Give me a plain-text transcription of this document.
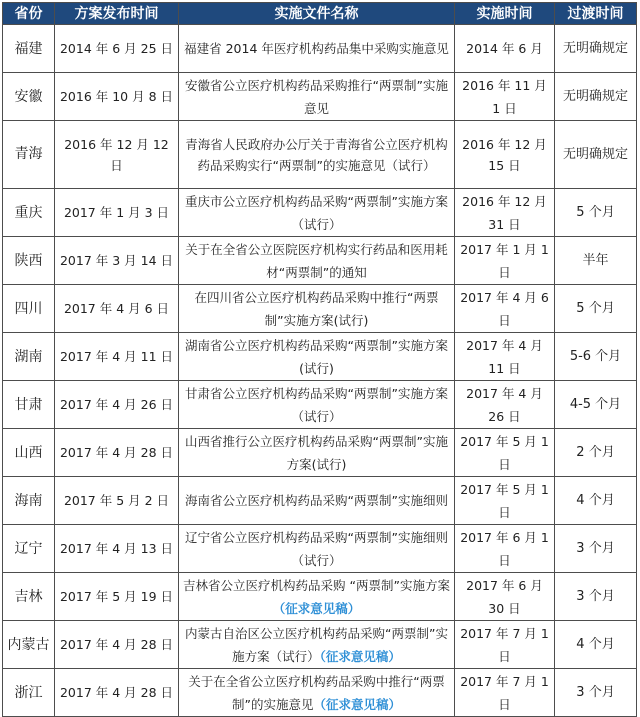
省份	方案发布时间	实施文件名称	实施时间	过渡时间
福建	2014 年 6 月 25 日	福建省 2014 年医疗机构药品集中采购实施意见	2014 年 6 月	无明确规定
安徽	2016 年 10 月 8 日	安徽省公立医疗机构药品采购推行“两票制”实施意见	2016 年 11 月 1 日	无明确规定
青海	2016 年 12 月 12 日	青海省人民政府办公厅关于青海省公立医疗机构药品采购实行“两票制”的实施意见（试行）	2016 年 12 月 15 日	无明确规定
重庆	2017 年 1 月 3 日	重庆市公立医疗机构药品采购“两票制”实施方案（试行）	2016 年 12 月 31 日	5 个月
陕西	2017 年 3 月 14 日	关于在全省公立医院医疗机构实行药品和医用耗材“两票制”的通知	2017 年 1 月 1 日	半年
四川	2017 年 4 月 6 日	在四川省公立医疗机构药品采购中推行“两票制”实施方案(试行)	2017 年 4 月 6 日	5 个月
湖南	2017 年 4 月 11 日	湖南省公立医疗机构药品采购“两票制”实施方案(试行)	2017 年 4 月 11 日	5-6 个月
甘肃	2017 年 4 月 26 日	甘肃省公立医疗机构药品采购“两票制”实施方案（试行）	2017 年 4 月 26 日	4-5 个月
山西	2017 年 4 月 28 日	山西省推行公立医疗机构药品采购“两票制”实施方案(试行)	2017 年 5 月 1 日	2 个月
海南	2017 年 5 月 2 日	海南省公立医疗机构药品采购“两票制”实施细则	2017 年 5 月 1 日	4 个月
辽宁	2017 年 4 月 13 日	辽宁省公立医疗机构药品采购“两票制”实施细则（试行）	2017 年 6 月 1 日	3 个月
吉林	2017 年 5 月 19 日	吉林省公立医疗机构药品采购 “两票制”实施方案 （征求意见稿）	2017 年 6 月 30 日	3 个月
内蒙古	2017 年 4 月 28 日	内蒙古自治区公立医疗机构药品采购“两票制”实施方案（试行）（征求意见稿）	2017 年 7 月 1 日	4 个月
浙江	2017 年 4 月 28 日	关于在全省公立医疗机构药品采购中推行“两票制”的实施意见（征求意见稿）	2017 年 7 月 1 日	3 个月
